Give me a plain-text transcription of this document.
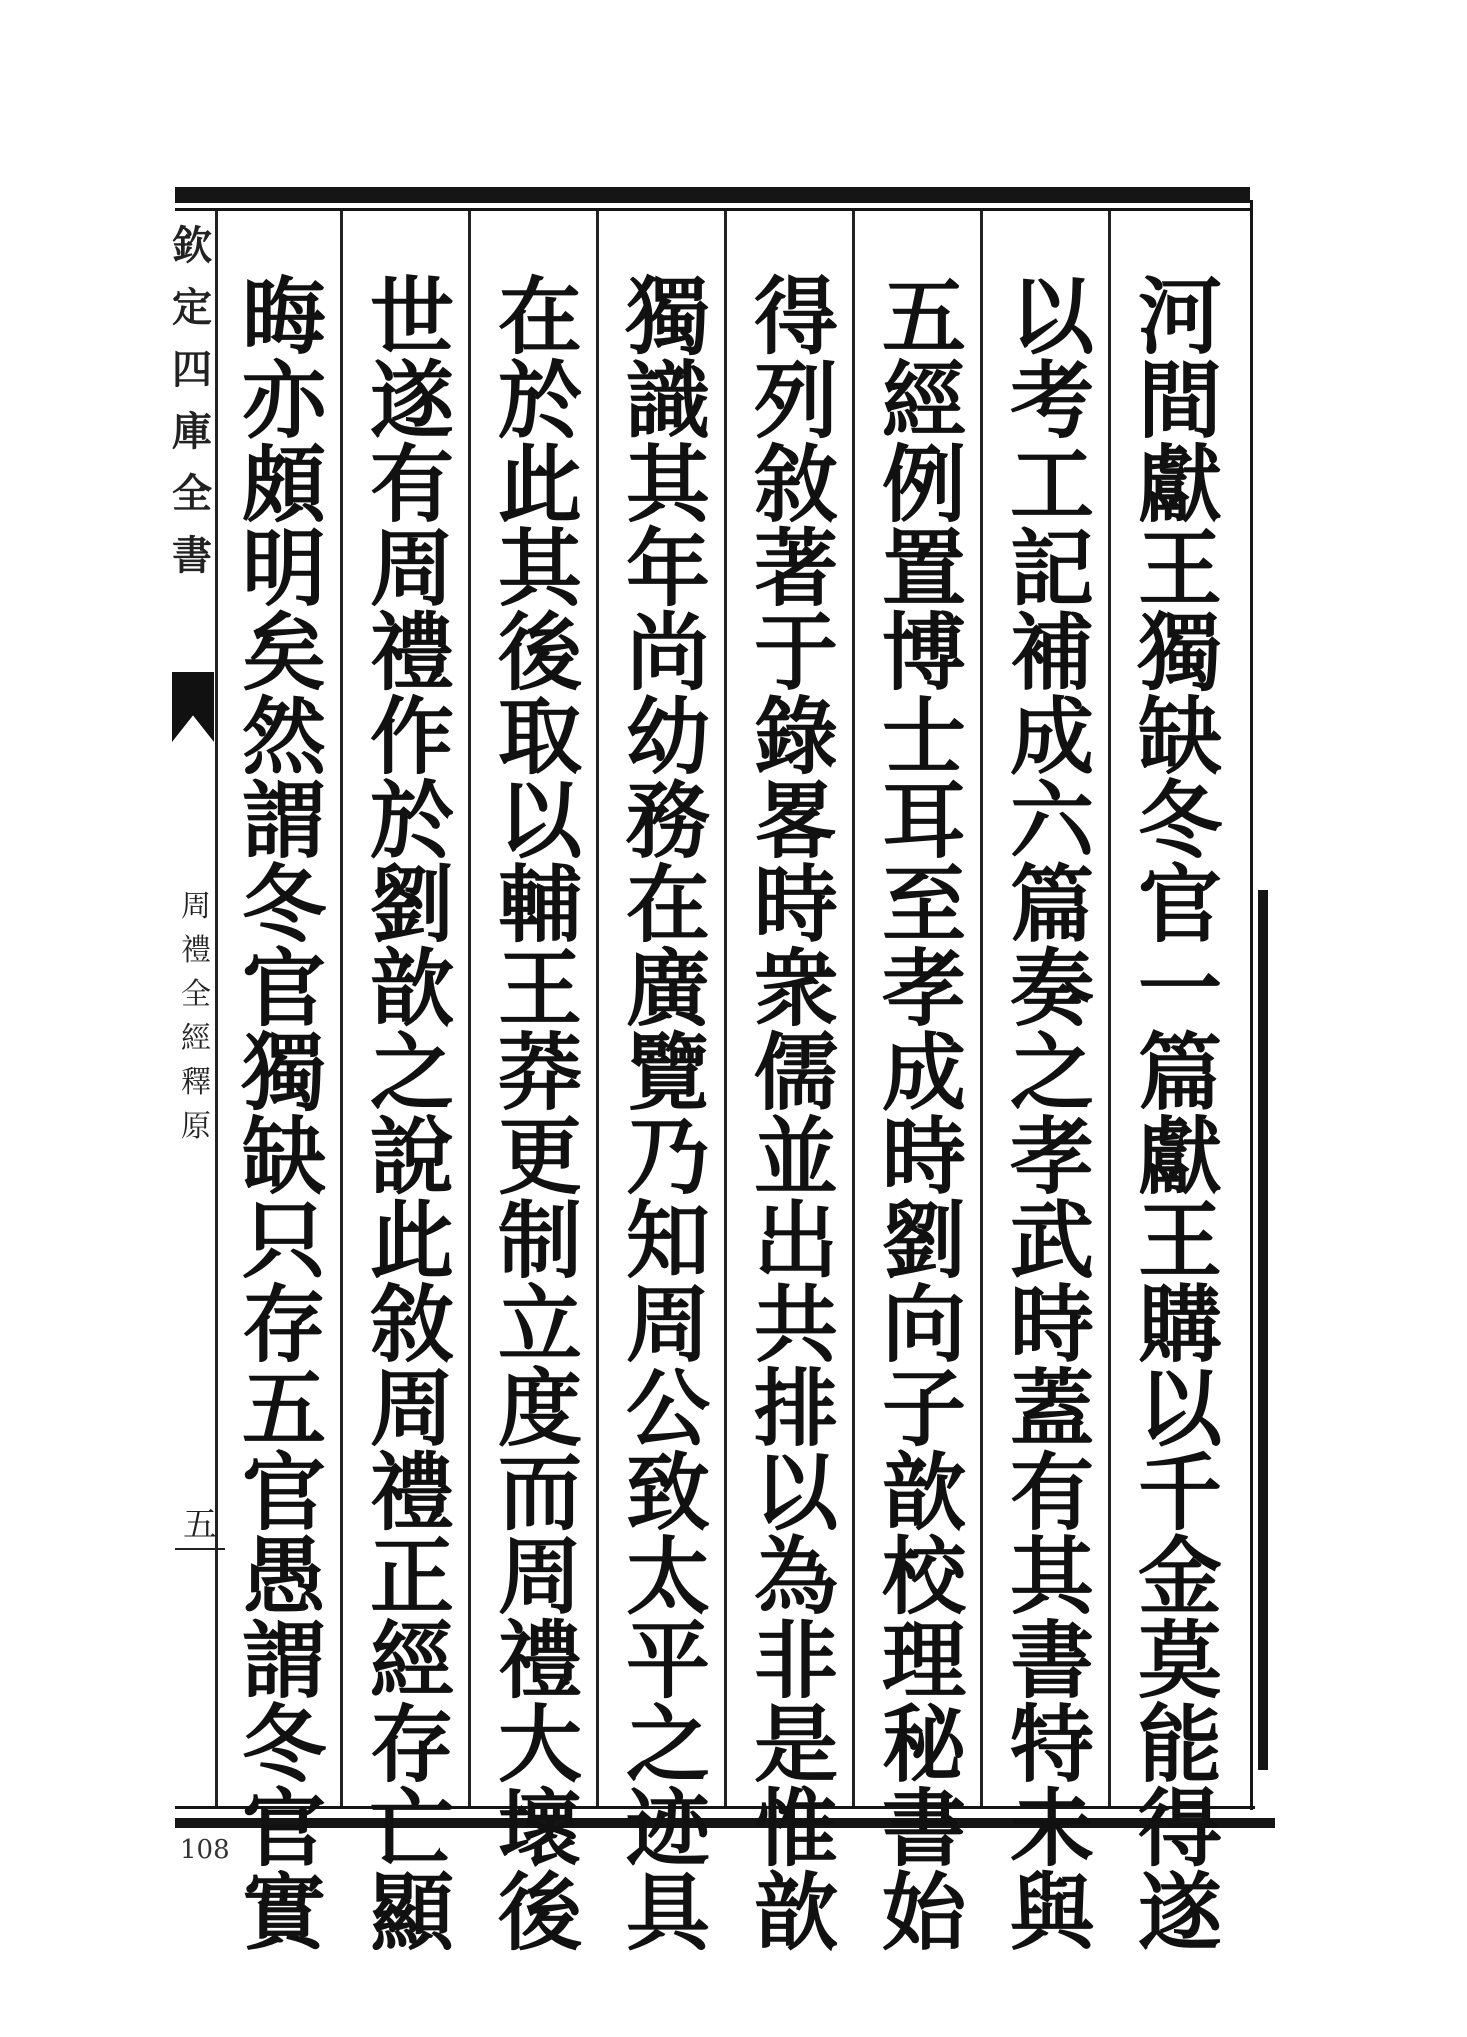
欽
定
四
庫
全
書
周
禮
全
經
釋
原
五
108
河
間
獻
王
獨
缺
冬
官
一
篇
獻
王
購
以
千
金
莫
能
得
遂
以
考
工
記
補
成
六
篇
奏
之
孝
武
時
蓋
有
其
書
特
未
與
五
經
例
置
博
士
耳
至
孝
成
時
劉
向
子
歆
校
理
秘
書
始
得
列
敘
著
于
錄
畧
時
衆
儒
並
出
共
排
以
為
非
是
惟
歆
獨
識
其
年
尚
幼
務
在
廣
覽
乃
知
周
公
致
太
平
之
迹
具
在
於
此
其
後
取
以
輔
王
莽
更
制
立
度
而
周
禮
大
壞
後
世
遂
有
周
禮
作
於
劉
歆
之
說
此
敘
周
禮
正
經
存
亡
顯
晦
亦
頗
明
矣
然
謂
冬
官
獨
缺
只
存
五
官
愚
謂
冬
官
實
